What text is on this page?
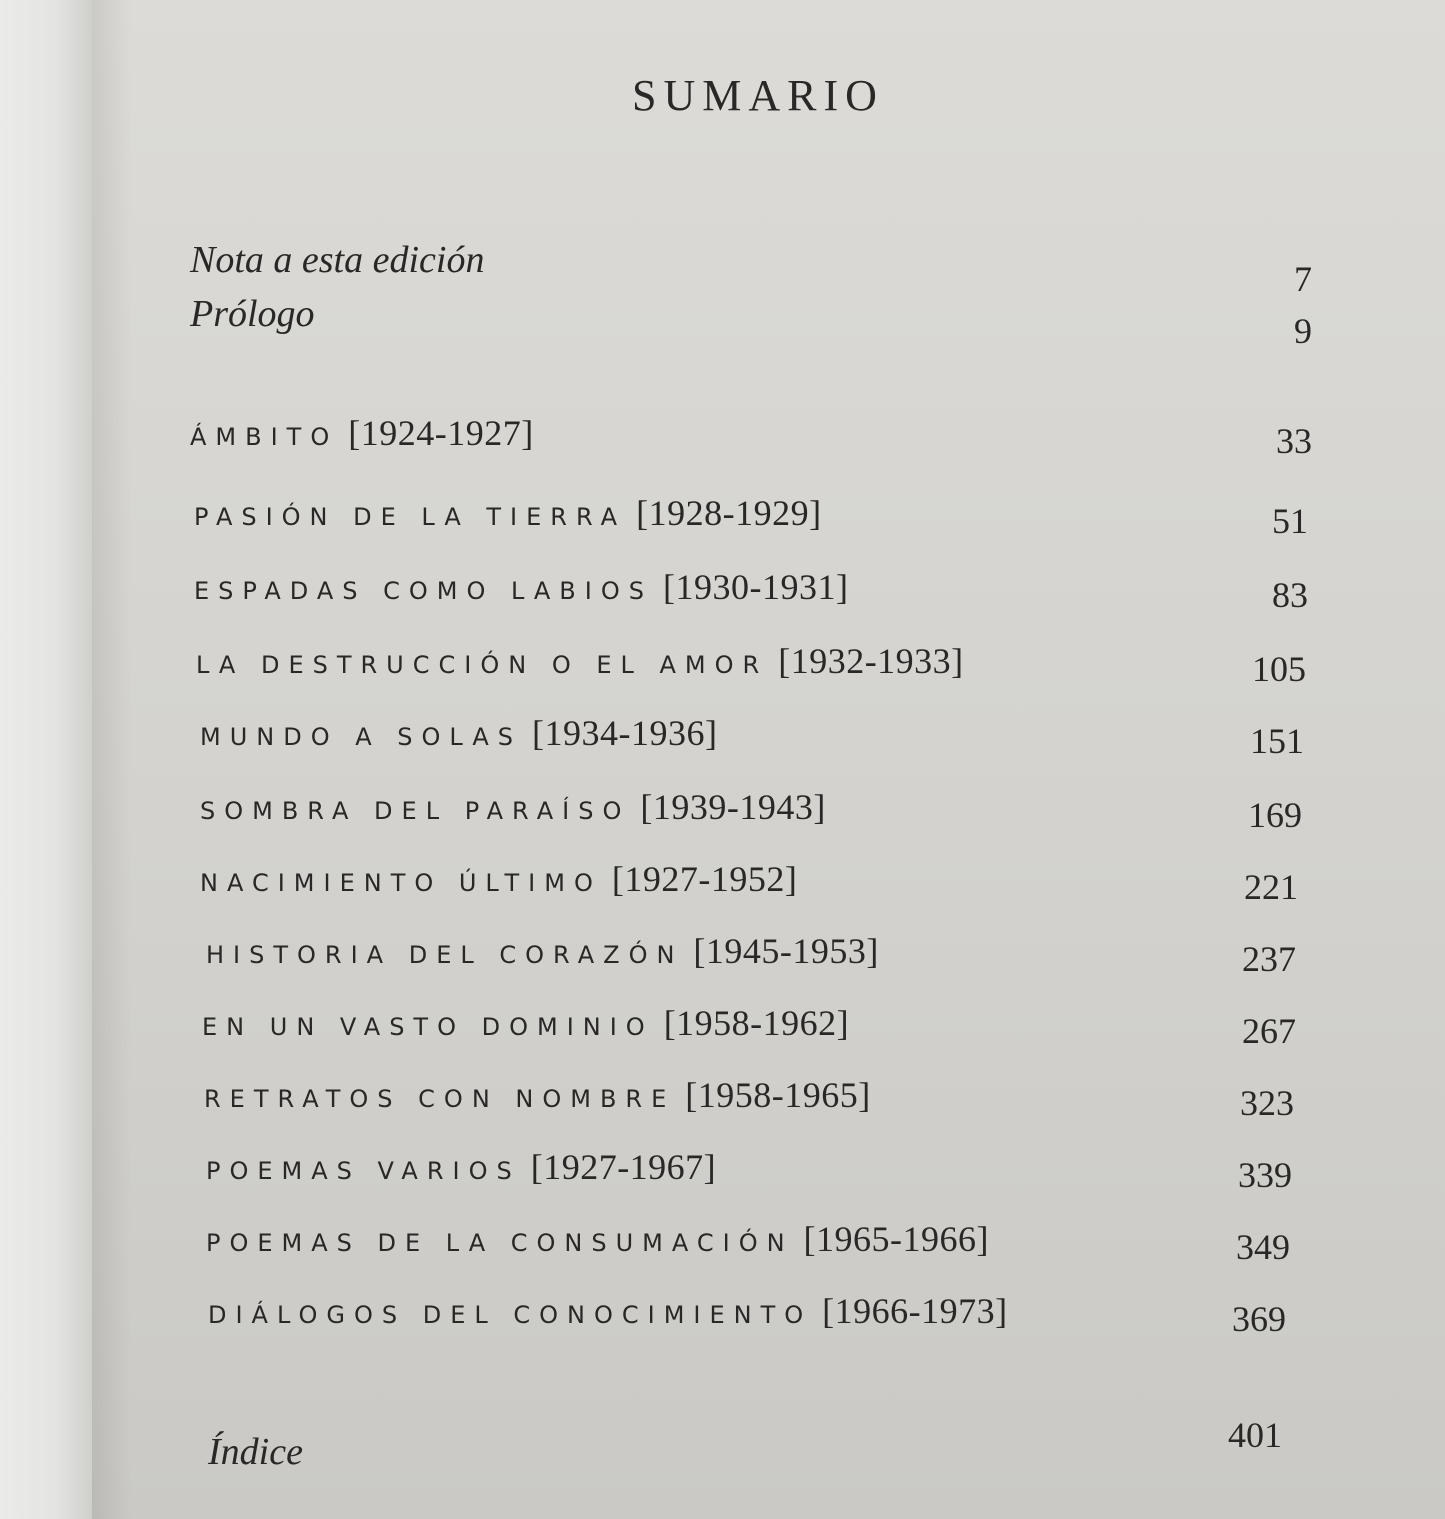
SUMARIO
Nota a esta edición	7
Prólogo	9
ÁMBITO [1924-1927]	33
PASIÓN DE LA TIERRA [1928-1929]	51
ESPADAS COMO LABIOS [1930-1931]	83
LA DESTRUCCIÓN O EL AMOR [1932-1933]	105
MUNDO A SOLAS [1934-1936]	151
SOMBRA DEL PARAÍSO [1939-1943]	169
NACIMIENTO ÚLTIMO [1927-1952]	221
HISTORIA DEL CORAZÓN [1945-1953]	237
EN UN VASTO DOMINIO [1958-1962]	267
RETRATOS CON NOMBRE [1958-1965]	323
POEMAS VARIOS [1927-1967]	339
POEMAS DE LA CONSUMACIÓN [1965-1966]	349
DIÁLOGOS DEL CONOCIMIENTO [1966-1973]	369
Índice	401
